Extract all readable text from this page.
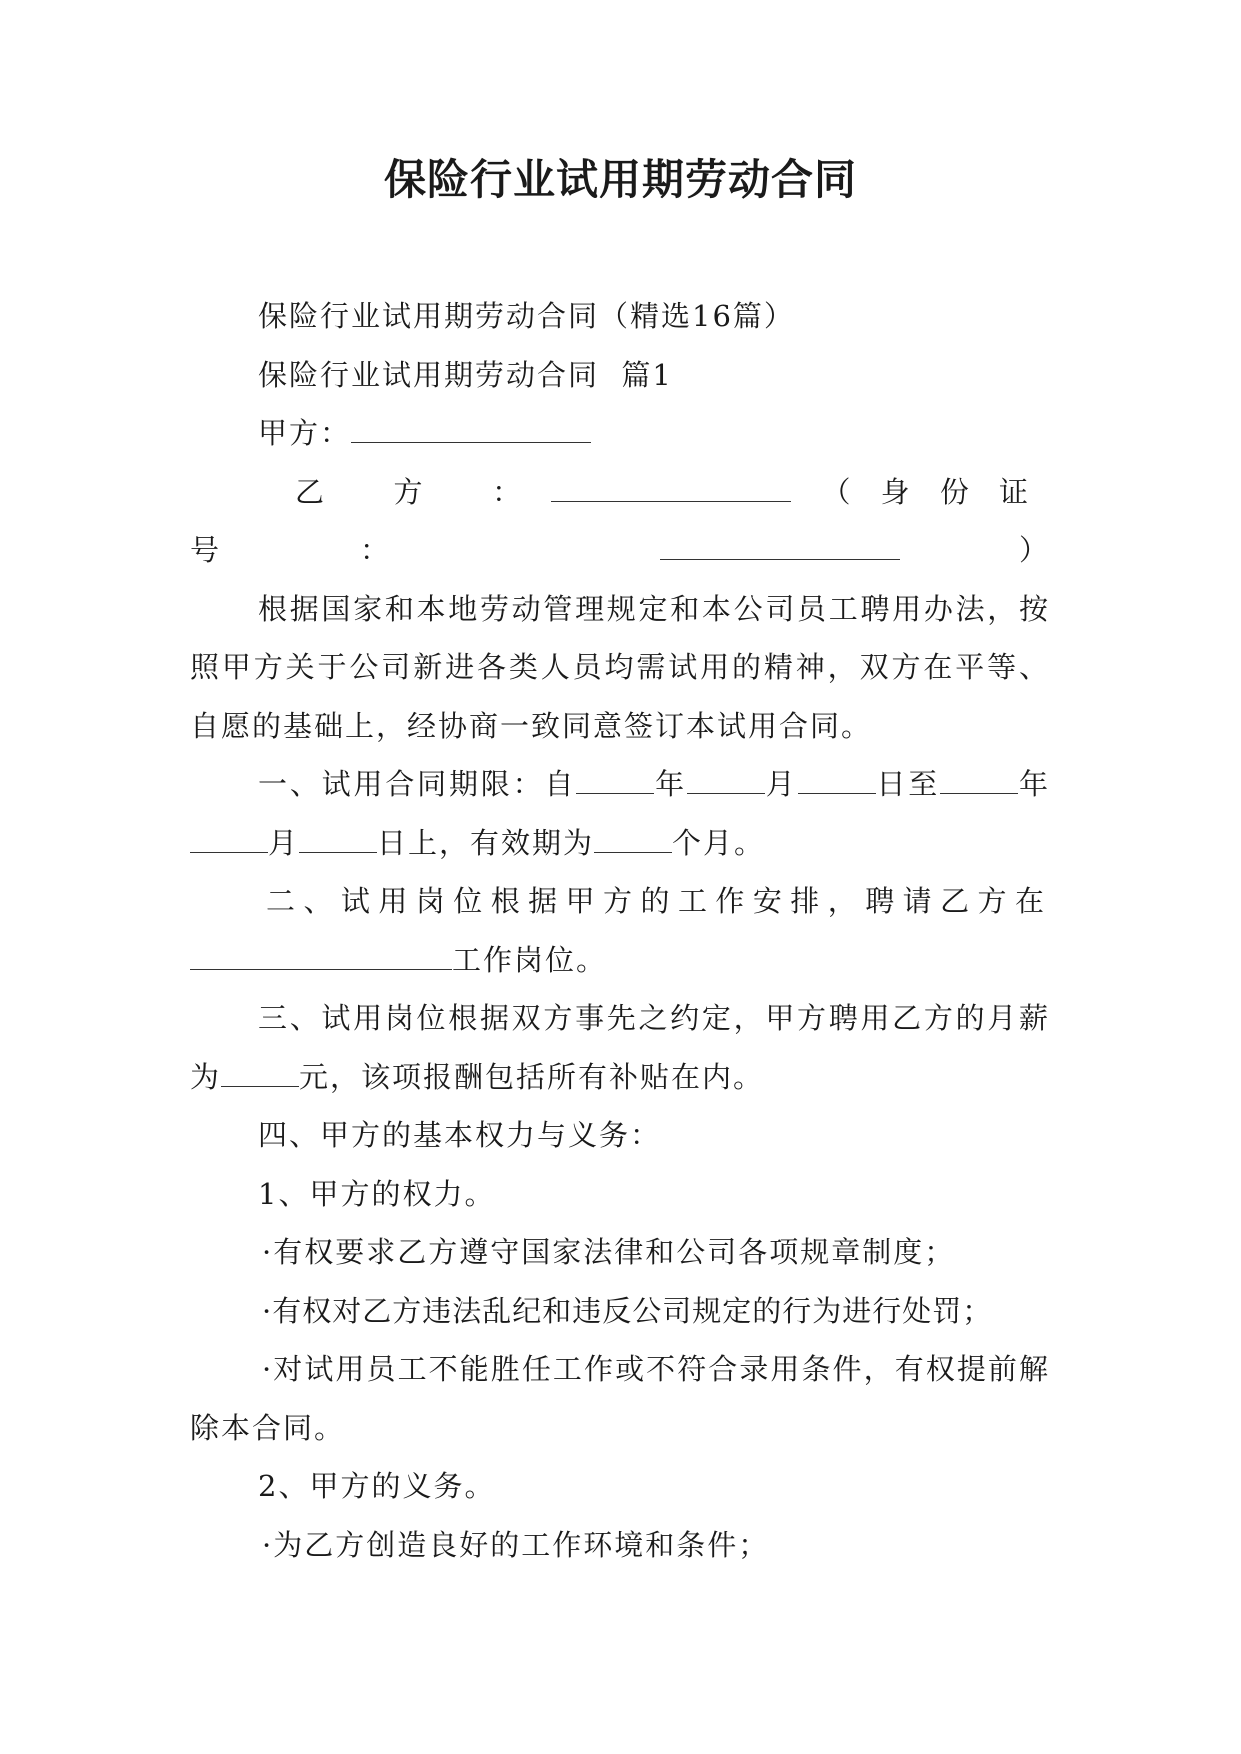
保险行业试用期劳动合同

保险行业试用期劳动合同（精选16篇）

保险行业试用期劳动合同  篇1

甲方：

乙 方 ：	（身份证号：	）

根据国家和本地劳动管理规定和本公司员工聘用办法，按照甲方关于公司新进各类人员均需试用的精神，双方在平等、自愿的基础上，经协商一致同意签订本试用合同。

一、试用合同期限：自	年	月	日至	年月	日上，有效期为	个月。

二、试用岗位根据甲方的工作安排，聘请乙方在工作岗位。

三、试用岗位根据双方事先之约定，甲方聘用乙方的月薪为	元，该项报酬包括所有补贴在内。

四、甲方的基本权力与义务：

1、甲方的权力。

·有权要求乙方遵守国家法律和公司各项规章制度；

·有权对乙方违法乱纪和违反公司规定的行为进行处罚；

·对试用员工不能胜任工作或不符合录用条件，有权提前解除本合同。

2、甲方的义务。

·为乙方创造良好的工作环境和条件；
